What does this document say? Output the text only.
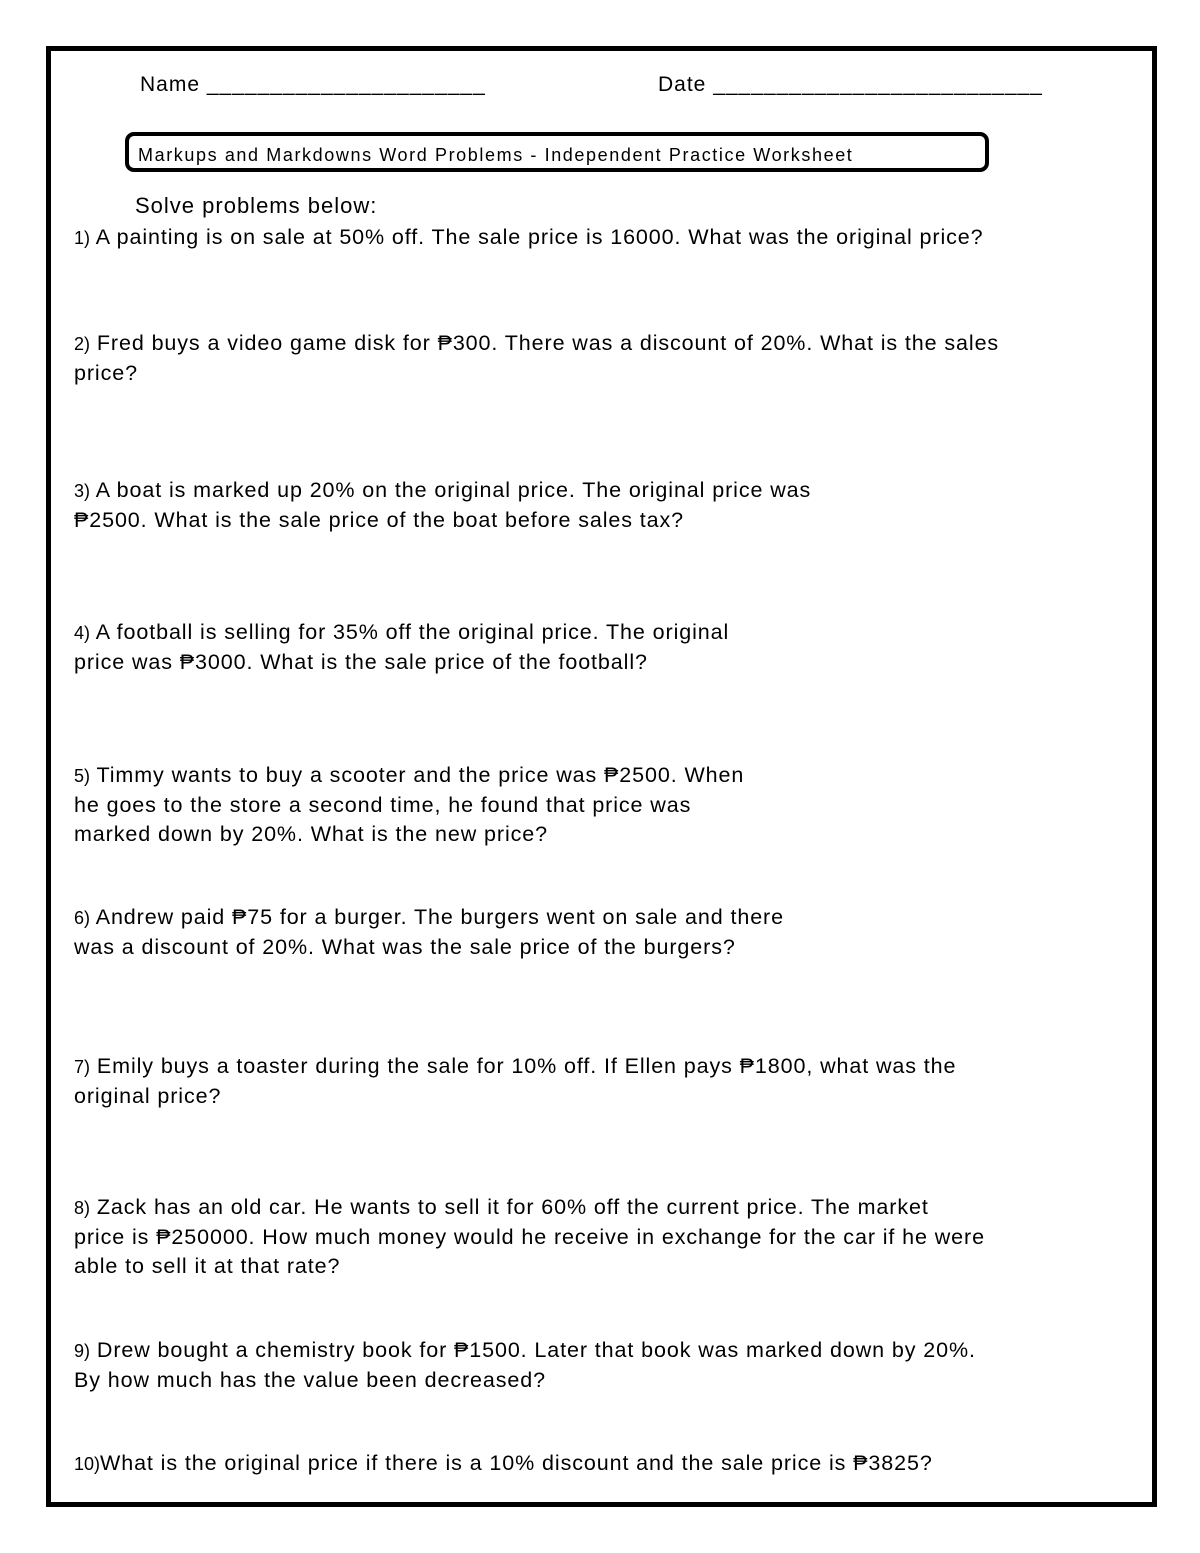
Name ______________________	Date __________________________
Markups and Markdowns Word Problems - Independent Practice Worksheet
Solve problems below:
1) A painting is on sale at 50% off. The sale price is 16000. What was the original price?
2) Fred buys a video game disk for ₱300. There was a discount of 20%. What is the sales
price?
3) A boat is marked up 20% on the original price. The original price was
₱2500. What is the sale price of the boat before sales tax?
4) A football is selling for 35% off the original price. The original
price was ₱3000. What is the sale price of the football?
5) Timmy wants to buy a scooter and the price was ₱2500. When
he goes to the store a second time, he found that price was
marked down by 20%. What is the new price?
6) Andrew paid ₱75 for a burger. The burgers went on sale and there
was a discount of 20%. What was the sale price of the burgers?
7) Emily buys a toaster during the sale for 10% off. If Ellen pays ₱1800, what was the
original price?
8) Zack has an old car. He wants to sell it for 60% off the current price. The market
price is ₱250000. How much money would he receive in exchange for the car if he were
able to sell it at that rate?
9) Drew bought a chemistry book for ₱1500. Later that book was marked down by 20%.
By how much has the value been decreased?
10)What is the original price if there is a 10% discount and the sale price is ₱3825?
